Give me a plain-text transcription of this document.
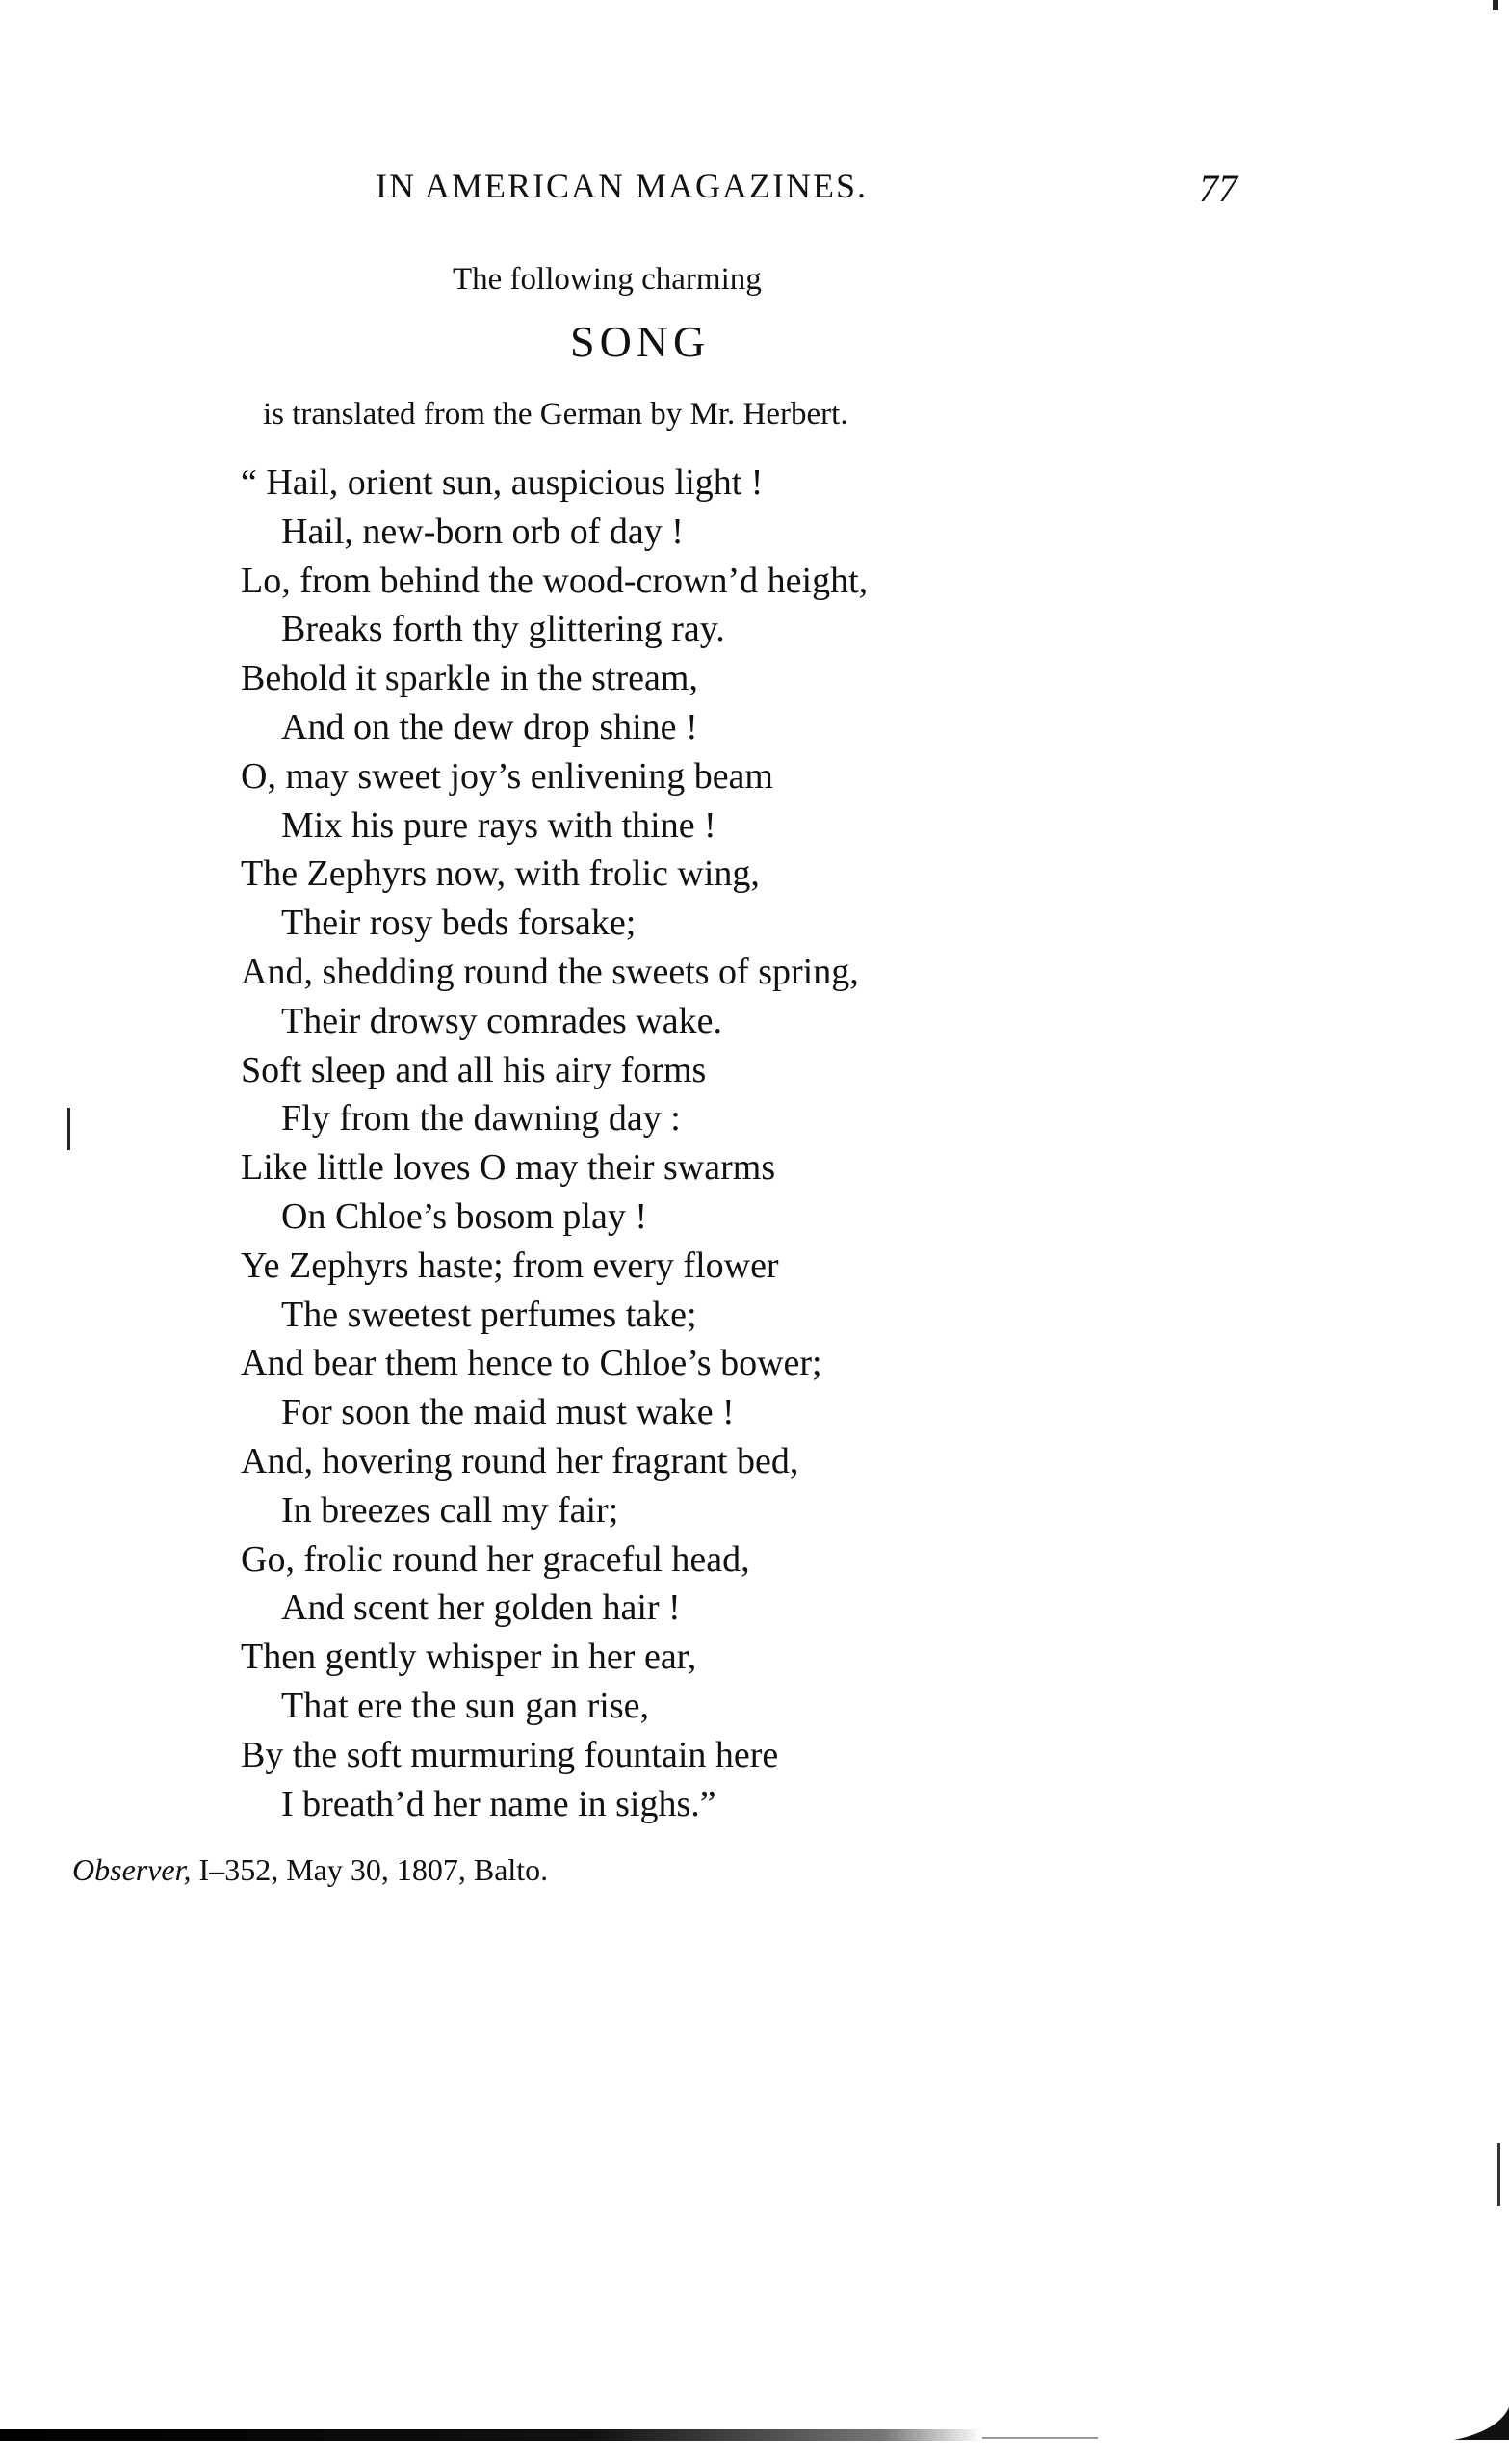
IN AMERICAN MAGAZINES.	77
The following charming
SONG
is translated from the German by Mr. Herbert.
“ Hail, orient sun, auspicious light !
Hail, new-born orb of day !
Lo, from behind the wood-crown’d height,
Breaks forth thy glittering ray.
Behold it sparkle in the stream,
And on the dew drop shine !
O, may sweet joy’s enlivening beam
Mix his pure rays with thine !
The Zephyrs now, with frolic wing,
Their rosy beds forsake;
And, shedding round the sweets of spring,
Their drowsy comrades wake.
Soft sleep and all his airy forms
Fly from the dawning day :
Like little loves O may their swarms
On Chloe’s bosom play !
Ye Zephyrs haste; from every flower
The sweetest perfumes take;
And bear them hence to Chloe’s bower;
For soon the maid must wake !
And, hovering round her fragrant bed,
In breezes call my fair;
Go, frolic round her graceful head,
And scent her golden hair !
Then gently whisper in her ear,
That ere the sun gan rise,
By the soft murmuring fountain here
I breath’d her name in sighs.”
Observer, I–352, May 30, 1807, Balto.
